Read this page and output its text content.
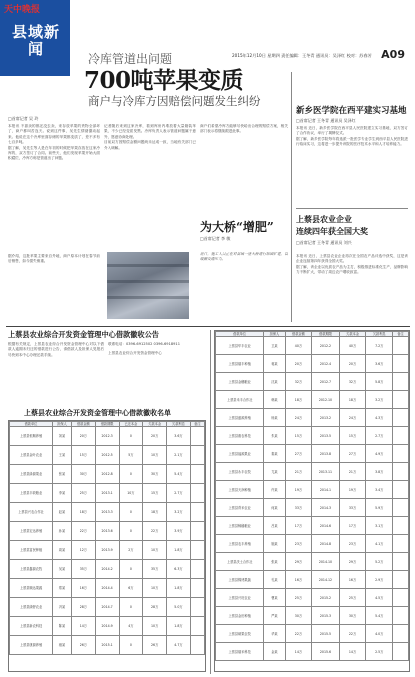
天中晚报
县域新闻	2015年12月10日 星期四 责任编辑：王冬青 通讯员：吴泽红 校对：苏春芳 A09
冷库管道出问题
700吨苹果变质
商户与冷库方因赔偿问题发生纠纷
□首席记者 吴 玲

本报讯 不靠卖的都还没去卖，来存放苹果的货物全部坏了，商户都叫苦连天。说到这件事，吴先生情绪激动起来。他说在这个冷库里面存储的苹果都变质了，差不多有七百多吨。

据了解，吴先生等人是在年初的时候把苹果存放在这家冷库的，双方签订了合同。前些天，他们发现苹果开始大面积腐烂，冷库方称是管道出了问题。

记者随后来到这家冷库，看到库房内堆放着大量箱装苹果，不少已经变质发黑。冷库负责人表示管道问题属于意外，愿意协商处理。

目前双方因赔偿金额问题尚未达成一致，当地有关部门已介入调解。

据介绍，这批苹果主要来自外地，商户原本计划在春节前后销售，如今损失惨重。

商户们希望冷库方能够尽快给出合理的赔偿方案，相关部门表示将继续跟进此事。

新乡医学院在西平建实习基地
□首席记者 王冬青 通讯员 吴泽红

本报讯 近日，新乡医学院在西平县人民医院建立实习基地，双方签订了合作协议，举行了揭牌仪式。

据了解，新乡医学院每年将选派一批医学专业学生到西平县人民医院进行临床实习，这将进一步提升该院的医疗技术水平和人才培养能力。

上蔡县农业企业
连续四年获全国大奖
□首席记者 王冬青 通讯员 刘兴

本报讯 近日，上蔡县农业企业再次在全国农产品评选中获奖，这是该企业连续第四年获得全国大奖。

据了解，该企业以优质农产品为主打，积极推进标准化生产，品牌影响力不断扩大，带动了周边农户增收致富。

为大桥“增肥”
□首席记者 李 敏
近日，施工人员正在对县城一座大桥进行加固扩建，以缓解交通压力。
上蔡县农业综合开发资金管理中心借款徽收公告

根据有关规定，上蔡县农业综合开发资金管理中心对以下借款人逾期未归还的借款进行公告，请借款人及担保人见报后尽快到本中心办理还款手续。

联系电话：0396-6912502 0396-6918911

上蔡县农业综合开发资金管理中心

上蔡县农业综合开发资金管理中心借款徽收名单
借款单位	担保人	借款金额	借款期限	已还本金	欠款本金	欠款利息	备注
上蔡县恒顺养殖	刘某	20万	2012.3	0	20万	3.6万	
上蔡县金叶农业	王某	15万	2012.5	5万	10万	2.1万	
上蔡县绿源果业	张某	30万	2012.8	0	30万	5.4万	
上蔡县丰收粮业	李某	25万	2013.1	10万	15万	2.7万	
上蔡县兴农合作社	赵某	18万	2013.3	0	18万	3.2万	
上蔡县宏达养殖	孙某	22万	2013.6	0	22万	3.9万	
上蔡县富民种植	周某	12万	2013.9	2万	10万	1.8万	
上蔡县鑫源农牧	吴某	35万	2014.2	0	35万	6.3万	
上蔡县顺达果蔬	郑某	16万	2014.4	6万	10万	1.8万	
上蔡县绿野农业	冯某	28万	2014.7	0	28万	5.0万	
上蔡县新农科技	陈某	14万	2014.9	4万	10万	1.8万	
上蔡县康源养殖	褚某	26万	2015.1	0	26万	4.7万	
借款单位	担保人	借款金额	借款期限	欠款本金	欠款利息	备注
上蔡县华丰农业	卫某	40万	2012.2	40万	7.2万	
上蔡县瑞丰种植	蒋某	20万	2012.4	20万	3.6万	
上蔡县金穗粮业	沈某	32万	2012.7	32万	5.8万	
上蔡县禾丰合作社	韩某	18万	2012.10	18万	3.2万	
上蔡县盛源养殖	杨某	24万	2013.2	24万	4.3万	
上蔡县惠农科技	朱某	15万	2013.5	15万	2.7万	
上蔡县福源果业	秦某	27万	2013.8	27万	4.9万	
上蔡县永丰农牧	尤某	21万	2013.11	21万	3.8万	
上蔡县天润种植	许某	19万	2014.1	19万	3.4万	
上蔡县青禾农业	何某	33万	2014.3	33万	5.9万	
上蔡县稼穑粮业	吕某	17万	2014.6	17万	3.1万	
上蔡县农丰养殖	施某	23万	2014.8	23万	4.1万	
上蔡县沃土合作社	张某	29万	2014.10	29万	5.2万	
上蔡县锦绣果蔬	孔某	16万	2014.12	16万	2.9万	
上蔡县兴旺农业	曹某	25万	2015.2	25万	4.5万	
上蔡县金田种植	严某	30万	2015.3	30万	5.4万	
上蔡县硕果农牧	华某	22万	2015.5	22万	4.0万	
上蔡县瑞禾科技	金某	14万	2015.6	14万	2.5万	
